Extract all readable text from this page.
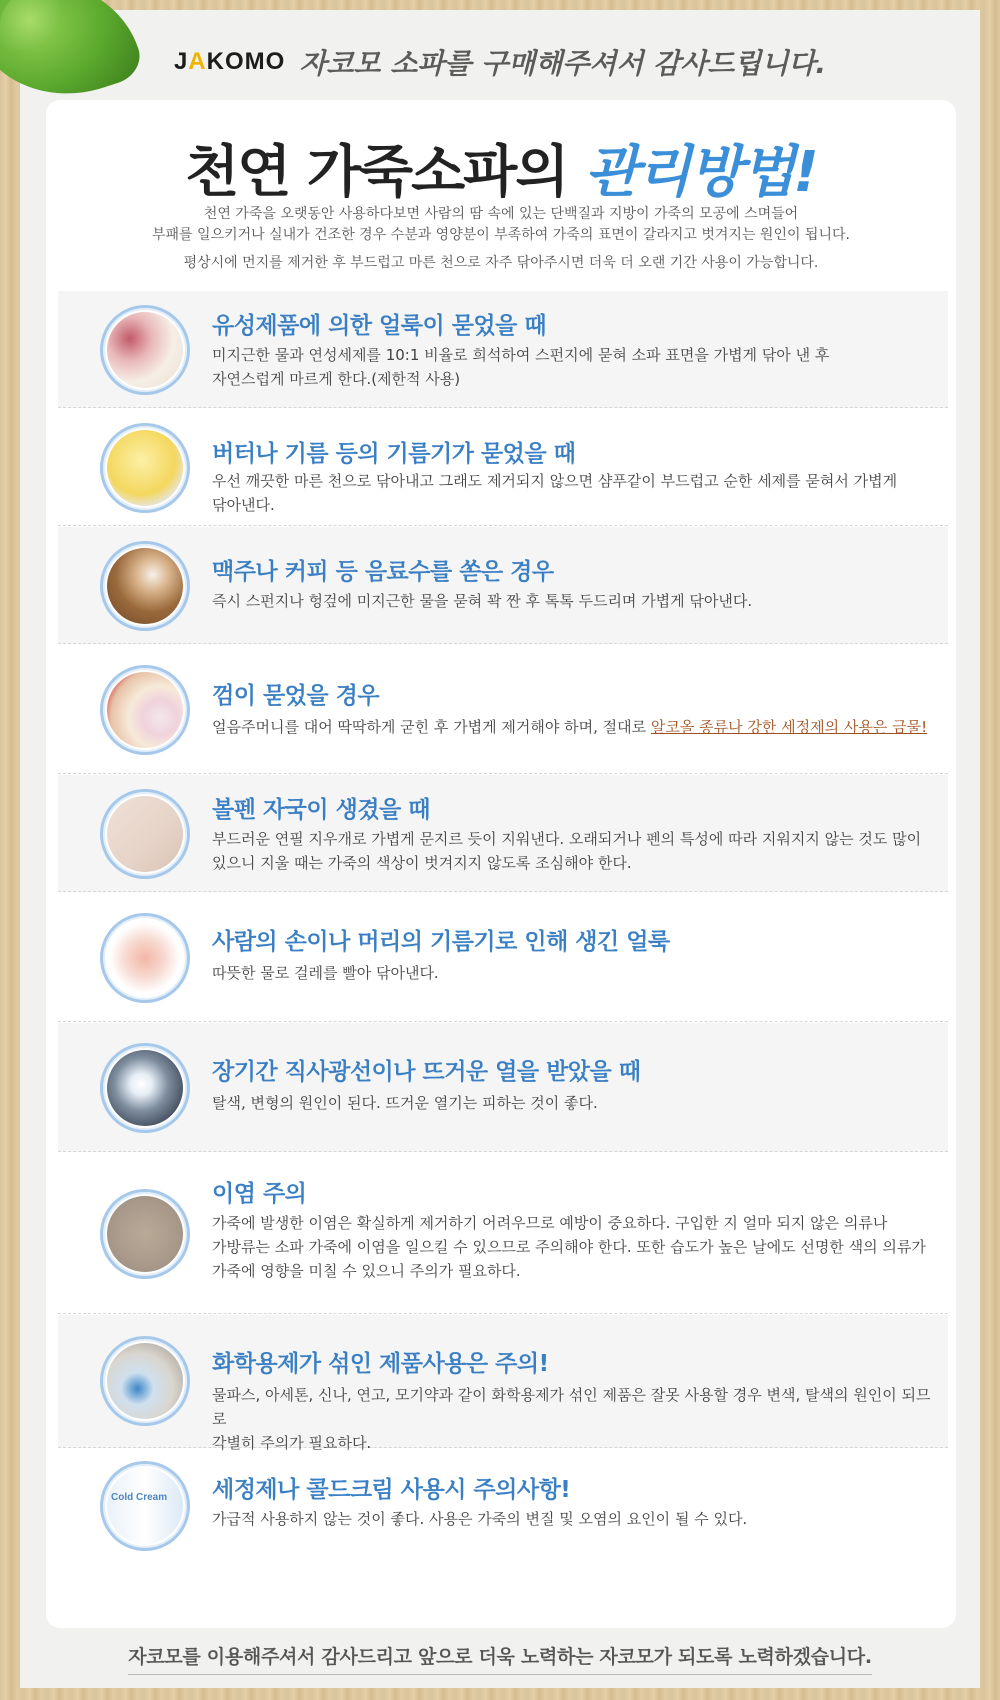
JAKOMO 자코모 소파를 구매해주셔서 감사드립니다.
천연 가죽소파의 관리방법!
천연 가죽을 오랫동안 사용하다보면 사람의 땀 속에 있는 단백질과 지방이 가죽의 모공에 스며들어
부패를 일으키거나 실내가 건조한 경우 수분과 영양분이 부족하여 가죽의 표면이 갈라지고 벗겨지는 원인이 됩니다.
평상시에 먼지를 제거한 후 부드럽고 마른 천으로 자주 닦아주시면 더욱 더 오랜 기간 사용이 가능합니다.
유성제품에 의한 얼룩이 묻었을 때
미지근한 물과 연성세제를 10:1 비율로 희석하여 스펀지에 묻혀 소파 표면을 가볍게 닦아 낸 후
자연스럽게 마르게 한다.(제한적 사용)
버터나 기름 등의 기름기가 묻었을 때
우선 깨끗한 마른 천으로 닦아내고 그래도 제거되지 않으면 샴푸같이 부드럽고 순한 세제를 묻혀서 가볍게
닦아낸다.
맥주나 커피 등 음료수를 쏟은 경우
즉시 스펀지나 헝겊에 미지근한 물을 묻혀 꽉 짠 후 톡톡 두드리며 가볍게 닦아낸다.
껌이 묻었을 경우
얼음주머니를 대어 딱딱하게 굳힌 후 가볍게 제거해야 하며, 절대로 알코올 종류나 강한 세정제의 사용은 금물!
볼펜 자국이 생겼을 때
부드러운 연필 지우개로 가볍게 문지르 듯이 지워낸다. 오래되거나 펜의 특성에 따라 지워지지 않는 것도 많이
있으니 지울 때는 가죽의 색상이 벗겨지지 않도록 조심해야 한다.
사람의 손이나 머리의 기름기로 인해 생긴 얼룩
따뜻한 물로 걸레를 빨아 닦아낸다.
장기간 직사광선이나 뜨거운 열을 받았을 때
탈색, 변형의 원인이 된다. 뜨거운 열기는 피하는 것이 좋다.
이염 주의
가죽에 발생한 이염은 확실하게 제거하기 어려우므로 예방이 중요하다. 구입한 지 얼마 되지 않은 의류나
가방류는 소파 가죽에 이염을 일으킬 수 있으므로 주의해야 한다. 또한 습도가 높은 날에도 선명한 색의 의류가
가죽에 영향을 미칠 수 있으니 주의가 필요하다.
화학용제가 섞인 제품사용은 주의!
물파스, 아세톤, 신나, 연고, 모기약과 같이 화학용제가 섞인 제품은 잘못 사용할 경우 변색, 탈색의 원인이 되므로
각별히 주의가 필요하다.
Cold Cream 세정제나 콜드크림 사용시 주의사항!
가급적 사용하지 않는 것이 좋다. 사용은 가죽의 변질 및 오염의 요인이 될 수 있다.
자코모를 이용해주셔서 감사드리고 앞으로 더욱 노력하는 자코모가 되도록 노력하겠습니다.
